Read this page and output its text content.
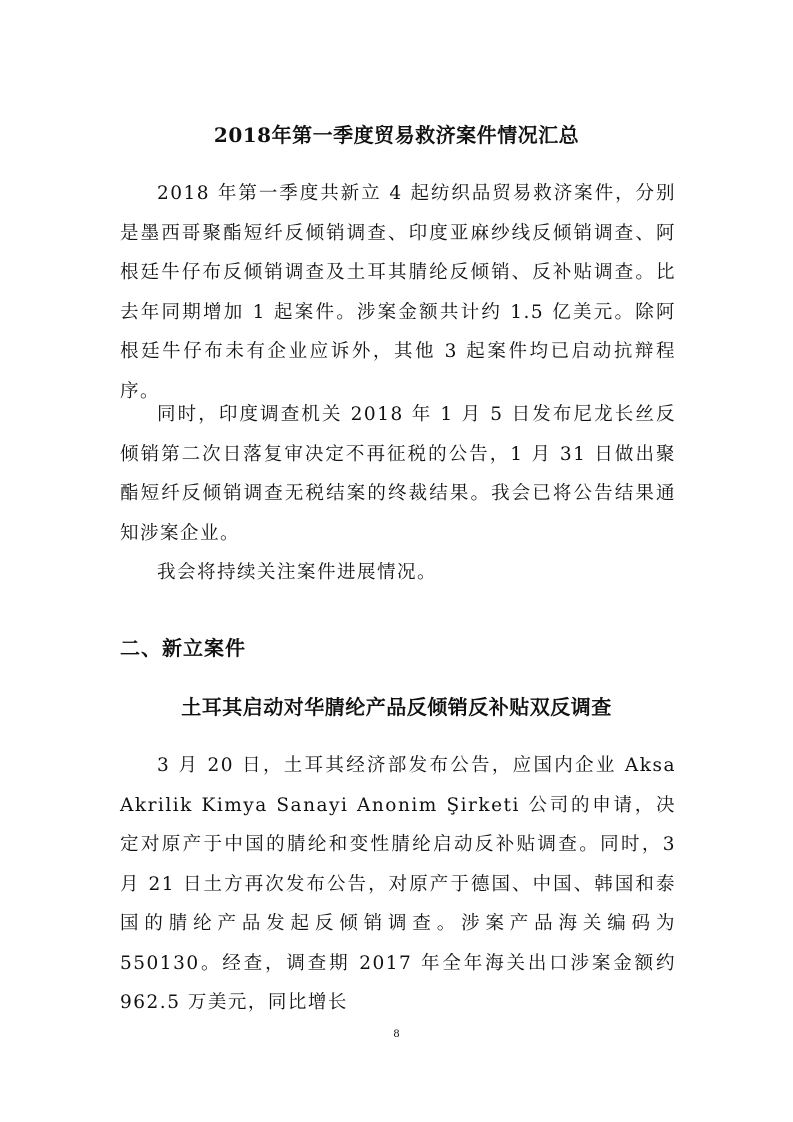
2018年第一季度贸易救济案件情况汇总

2018 年第一季度共新立 4 起纺织品贸易救济案件，分别是墨西哥聚酯短纤反倾销调查、印度亚麻纱线反倾销调查、阿根廷牛仔布反倾销调查及土耳其腈纶反倾销、反补贴调查。比去年同期增加 1 起案件。涉案金额共计约 1.5 亿美元。除阿根廷牛仔布未有企业应诉外，其他 3 起案件均已启动抗辩程序。

同时，印度调查机关 2018 年 1 月 5 日发布尼龙长丝反倾销第二次日落复审决定不再征税的公告，1 月 31 日做出聚酯短纤反倾销调查无税结案的终裁结果。我会已将公告结果通知涉案企业。

我会将持续关注案件进展情况。

二、新立案件
土耳其启动对华腈纶产品反倾销反补贴双反调查

3 月 20 日，土耳其经济部发布公告，应国内企业 Aksa Akrilik Kimya Sanayi Anonim Şirketi 公司的申请，决定对原产于中国的腈纶和变性腈纶启动反补贴调查。同时，3 月 21 日土方再次发布公告，对原产于德国、中国、韩国和泰国的腈纶产品发起反倾销调查。涉案产品海关编码为 550130。经查，调查期 2017 年全年海关出口涉案金额约 962.5 万美元，同比增长

8
